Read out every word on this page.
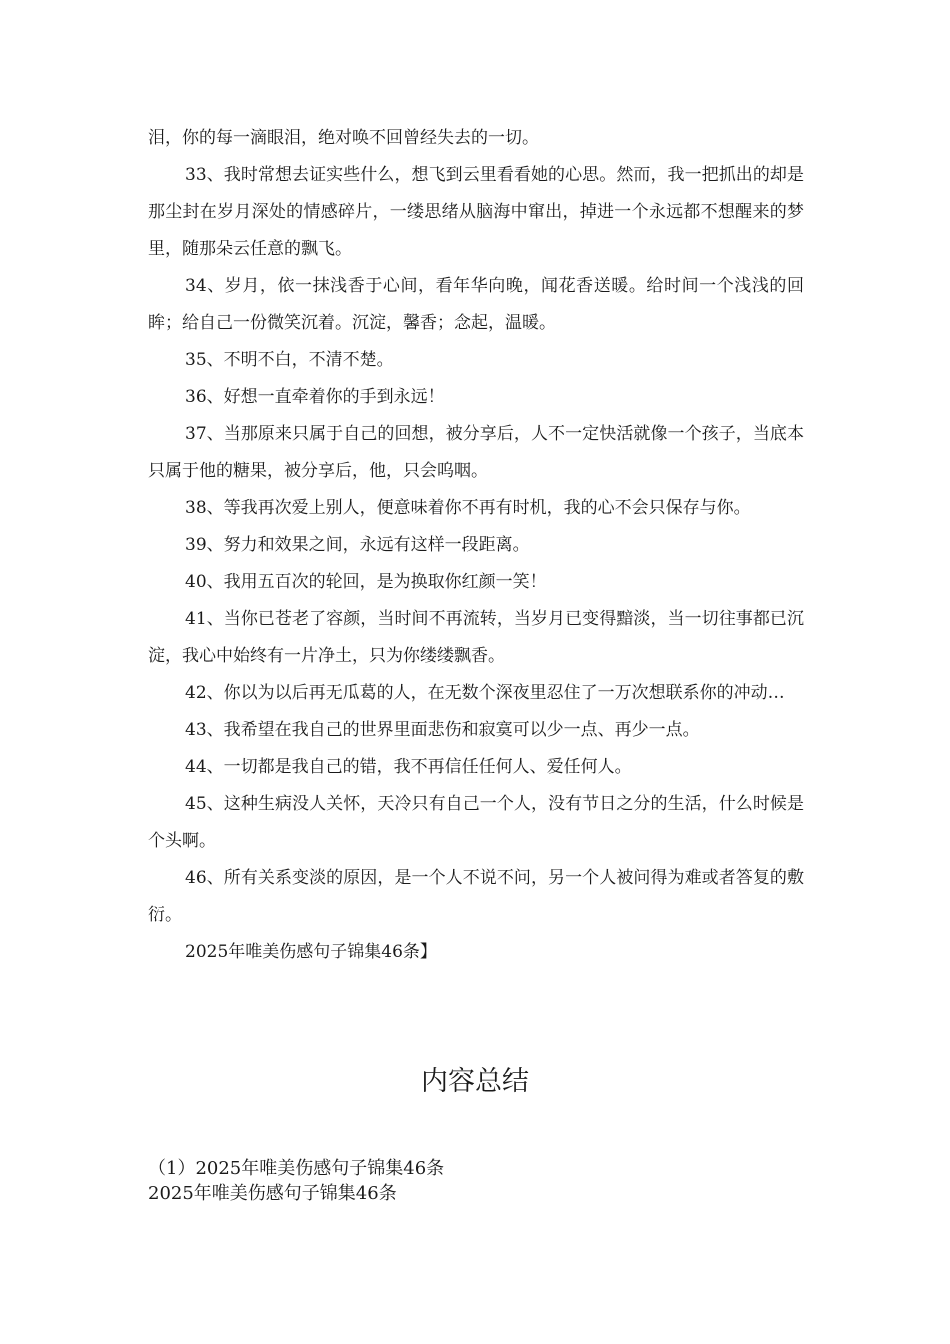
泪，你的每一滴眼泪，绝对唤不回曾经失去的一切。

33、我时常想去证实些什么，想飞到云里看看她的心思。然而，我一把抓出的却是那尘封在岁月深处的情感碎片，一缕思绪从脑海中窜出，掉进一个永远都不想醒来的梦里，随那朵云任意的飘飞。

34、岁月，依一抹浅香于心间，看年华向晚，闻花香送暖。给时间一个浅浅的回眸；给自己一份微笑沉着。沉淀，馨香；念起，温暖。

35、不明不白，不清不楚。

36、好想一直牵着你的手到永远！

37、当那原来只属于自己的回想，被分享后，人不一定快活就像一个孩子，当底本只属于他的糖果，被分享后，他，只会呜咽。

38、等我再次爱上别人，便意味着你不再有时机，我的心不会只保存与你。

39、努力和效果之间，永远有这样一段距离。

40、我用五百次的轮回，是为换取你红颜一笑！

41、当你已苍老了容颜，当时间不再流转，当岁月已变得黯淡，当一切往事都已沉淀，我心中始终有一片净土，只为你缕缕飘香。

42、你以为以后再无瓜葛的人，在无数个深夜里忍住了一万次想联系你的冲动…

43、我希望在我自己的世界里面悲伤和寂寞可以少一点、再少一点。

44、一切都是我自己的错，我不再信任任何人、爱任何人。

45、这种生病没人关怀，天冷只有自己一个人，没有节日之分的生活，什么时候是个头啊。

46、所有关系变淡的原因，是一个人不说不问，另一个人被问得为难或者答复的敷衍。

2025年唯美伤感句子锦集46条】

内容总结

（1）2025年唯美伤感句子锦集46条

2025年唯美伤感句子锦集46条
